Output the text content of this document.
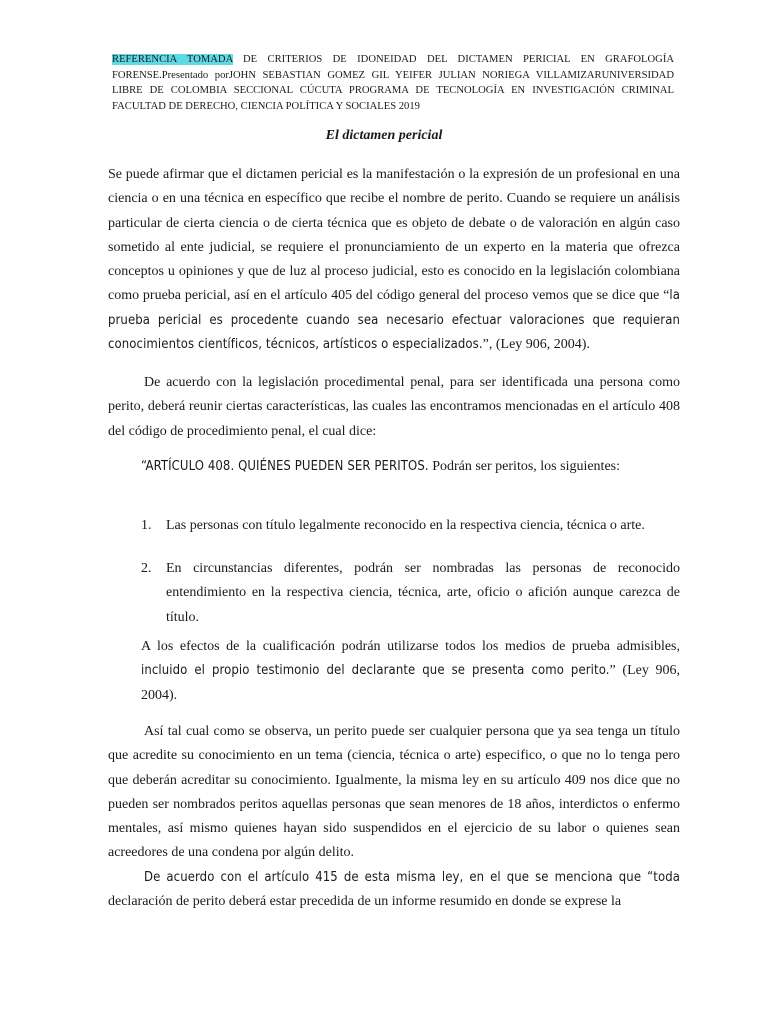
REFERENCIA TOMADA DE CRITERIOS DE IDONEIDAD DEL DICTAMEN PERICIAL EN GRAFOLOGÍA FORENSE.Presentado porJOHN SEBASTIAN GOMEZ GIL YEIFER JULIAN NORIEGA VILLAMIZARUNIVERSIDAD LIBRE DE COLOMBIA SECCIONAL CÚCUTA PROGRAMA DE TECNOLOGÍA EN INVESTIGACIÓN CRIMINAL FACULTAD DE DERECHO, CIENCIA POLÍTICA Y SOCIALES 2019
El dictamen pericial

Se puede afirmar que el dictamen pericial es la manifestación o la expresión de un profesional en una ciencia o en una técnica en específico que recibe el nombre de perito. Cuando se requiere un análisis particular de cierta ciencia o de cierta técnica que es objeto de debate o de valoración en algún caso sometido al ente judicial, se requiere el pronunciamiento de un experto en la materia que ofrezca conceptos u opiniones y que de luz al proceso judicial, esto es conocido en la legislación colombiana como prueba pericial, así en el artículo 405 del código general del proceso vemos que se dice que “la prueba pericial es procedente cuando sea necesario efectuar valoraciones que requieran conocimientos científicos, técnicos, artísticos o especializados.”, (Ley 906, 2004).

De acuerdo con la legislación procedimental penal, para ser identificada una persona como perito, deberá reunir ciertas características, las cuales las encontramos mencionadas en el artículo 408 del código de procedimiento penal, el cual dice:

“ARTÍCULO 408. QUIÉNES PUEDEN SER PERITOS. Podrán ser peritos, los siguientes:

1. Las personas con título legalmente reconocido en la respectiva ciencia, técnica o arte.
2. En circunstancias diferentes, podrán ser nombradas las personas de reconocido entendimiento en la respectiva ciencia, técnica, arte, oficio o afición aunque carezca de título.

A los efectos de la cualificación podrán utilizarse todos los medios de prueba admisibles, incluido el propio testimonio del declarante que se presenta como perito.” (Ley 906, 2004).

Así tal cual como se observa, un perito puede ser cualquier persona que ya sea tenga un título que acredite su conocimiento en un tema (ciencia, técnica o arte) especifico, o que no lo tenga pero que deberán acreditar su conocimiento. Igualmente, la misma ley en su artículo 409 nos dice que no pueden ser nombrados peritos aquellas personas que sean menores de 18 años, interdictos o enfermo mentales, así mismo quienes hayan sido suspendidos en el ejercicio de su labor o quienes sean acreedores de una condena por algún delito.

De acuerdo con el artículo 415 de esta misma ley, en el que se menciona que “toda declaración de perito deberá estar precedida de un informe resumido en donde se exprese la
